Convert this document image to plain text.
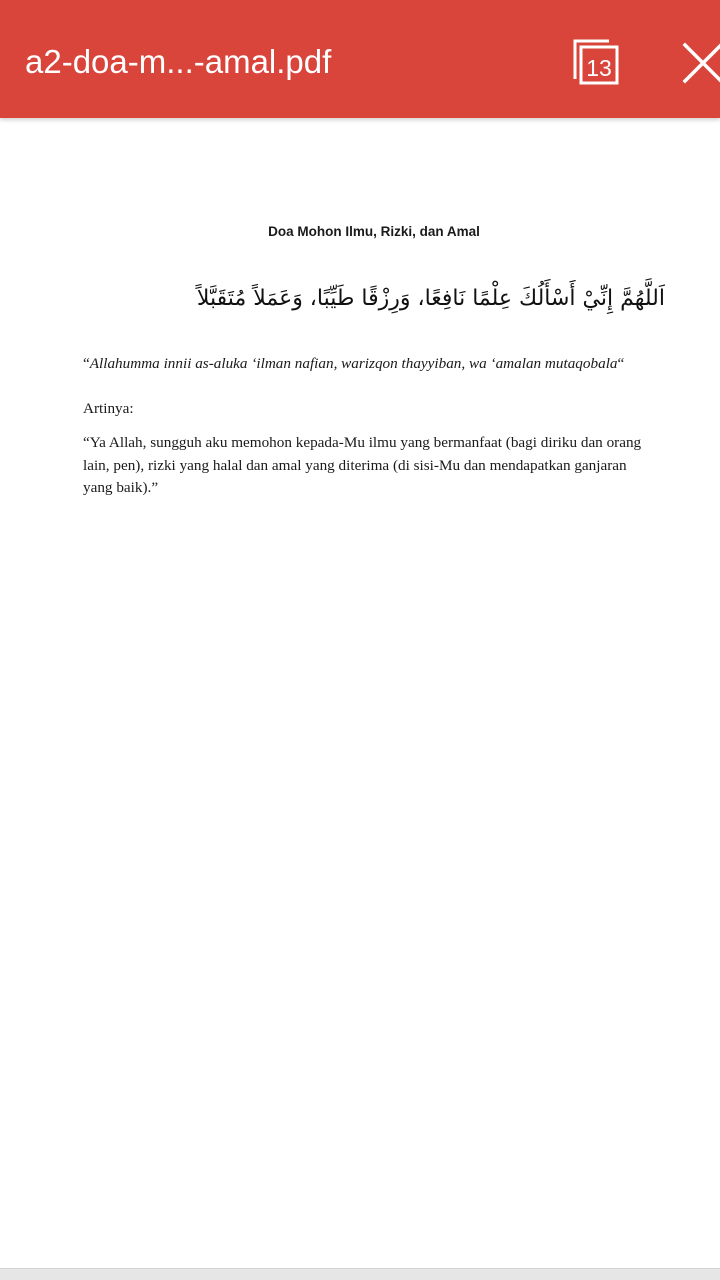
a2-doa-m...-amal.pdf	13
Doa Mohon Ilmu, Rizki, dan Amal
اَللَّهُمَّ إِنِّيْ أَسْأَلُكَ عِلْمًا نَافِعًا، وَرِزْقًا طَيِّبًا، وَعَمَلاً مُتَقَبَّلاً
“Allahumma innii as-aluka ‘ilman nafian, warizqon thayyiban, wa ‘amalan mutaqobala“
Artinya:
“Ya Allah, sungguh aku memohon kepada-Mu ilmu yang bermanfaat (bagi diriku dan orang lain, pen), rizki yang halal dan amal yang diterima (di sisi-Mu dan mendapatkan ganjaran yang baik).”
